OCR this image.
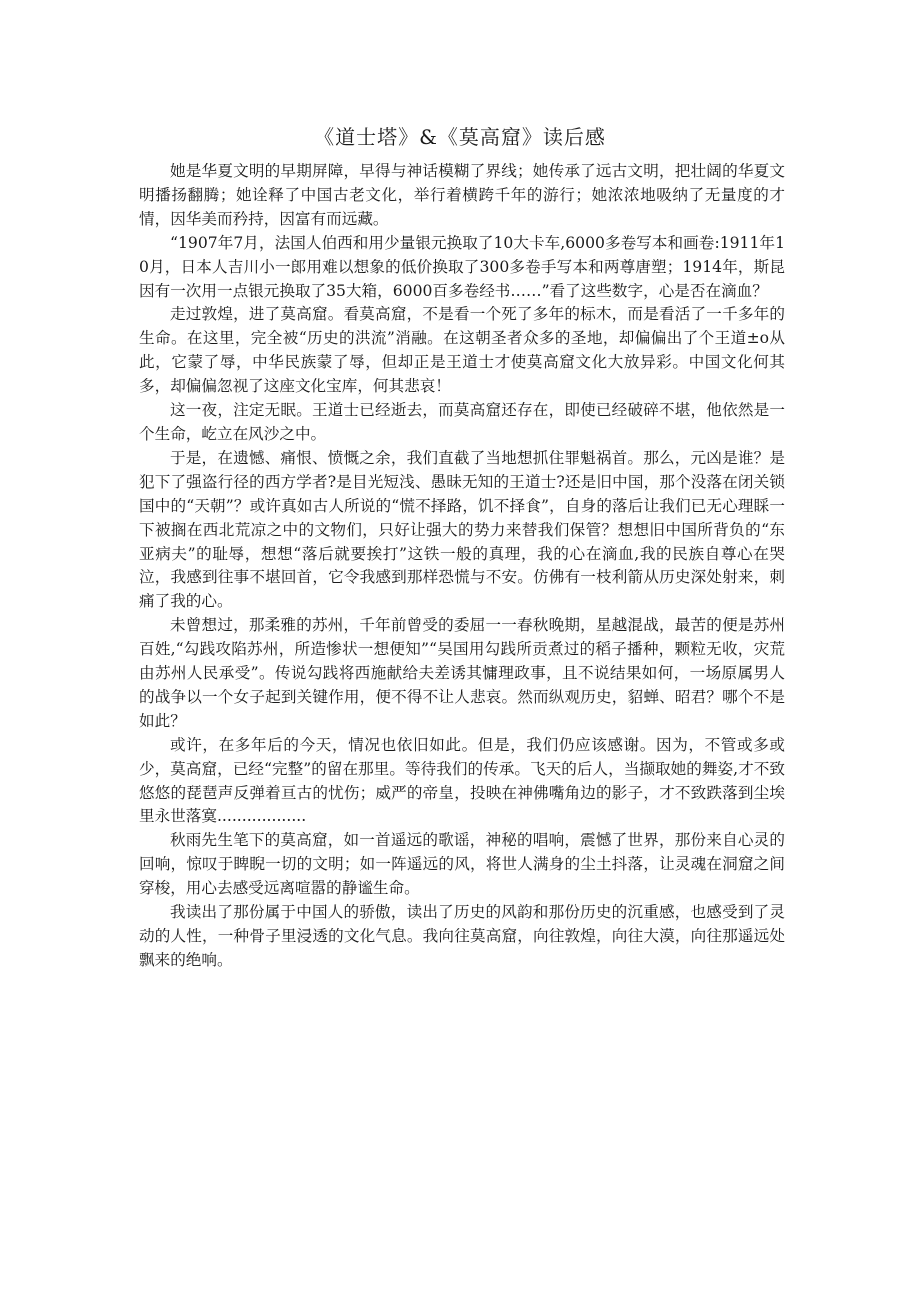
《道士塔》&《莫高窟》读后感

她是华夏文明的早期屏障，早得与神话模糊了界线；她传承了远古文明，把壮阔的华夏文明播扬翻腾；她诠释了中国古老文化，举行着横跨千年的游行；她浓浓地吸纳了无量度的才情，因华美而矜持，因富有而远藏。

“1907年7月，法国人伯西和用少量银元换取了10大卡车,6000多卷写本和画卷:1911年10月，日本人吉川小一郎用难以想象的低价换取了300多卷手写本和两尊唐塑；1914年，斯昆因有一次用一点银元换取了35大箱，6000百多卷经书……”看了这些数字，心是否在滴血？

走过敦煌，进了莫高窟。看莫高窟，不是看一个死了多年的标木，而是看活了一千多年的生命。在这里，完全被“历史的洪流”消融。在这朝圣者众多的圣地，却偏偏出了个王道±o从此，它蒙了辱，中华民族蒙了辱，但却正是王道士才使莫高窟文化大放异彩。中国文化何其多，却偏偏忽视了这座文化宝库，何其悲哀！

这一夜，注定无眠。王道士已经逝去，而莫高窟还存在，即使已经破碎不堪，他依然是一个生命，屹立在风沙之中。

于是，在遗憾、痛恨、愤慨之余，我们直截了当地想抓住罪魁祸首。那么，元凶是谁？是犯下了强盗行径的西方学者?是目光短浅、愚昧无知的王道士?还是旧中国，那个没落在闭关锁国中的“天朝”？或许真如古人所说的“慌不择路，饥不择食”，自身的落后让我们已无心理睬一下被搁在西北荒凉之中的文物们，只好让强大的势力来替我们保管？想想旧中国所背负的“东亚病夫”的耻辱，想想“落后就要挨打”这铁一般的真理，我的心在滴血,我的民族自尊心在哭泣，我感到往事不堪回首，它令我感到那样恐慌与不安。仿佛有一枝利箭从历史深处射来，刺痛了我的心。

未曾想过，那柔雅的苏州，千年前曾受的委屈一一春秋晚期，星越混战，最苦的便是苏州百姓,“勾践攻陷苏州，所造惨状一想便知”“吴国用勾践所贡煮过的稻子播种，颗粒无收，灾荒由苏州人民承受”。传说勾践将西施献给夫差诱其慵理政事，且不说结果如何，一场原属男人的战争以一个女子起到关键作用，便不得不让人悲哀。然而纵观历史，貂蝉、昭君？哪个不是如此？

或许，在多年后的今天，情况也依旧如此。但是，我们仍应该感谢。因为，不管或多或少，莫高窟，已经“完整”的留在那里。等待我们的传承。飞天的后人，当撷取她的舞姿,才不致悠悠的琵琶声反弹着亘古的忧伤；威严的帝皇，投映在神佛嘴角边的影子，才不致跌落到尘埃里永世落寞..................

秋雨先生笔下的莫高窟，如一首遥远的歌谣，神秘的唱响，震憾了世界，那份来自心灵的回响，惊叹于睥睨一切的文明；如一阵遥远的风，将世人满身的尘土抖落，让灵魂在洞窟之间穿梭，用心去感受远离喧嚣的静谧生命。

我读出了那份属于中国人的骄傲，读出了历史的风韵和那份历史的沉重感，也感受到了灵动的人性，一种骨子里浸透的文化气息。我向往莫高窟，向往敦煌，向往大漠，向往那遥远处飘来的绝响。
